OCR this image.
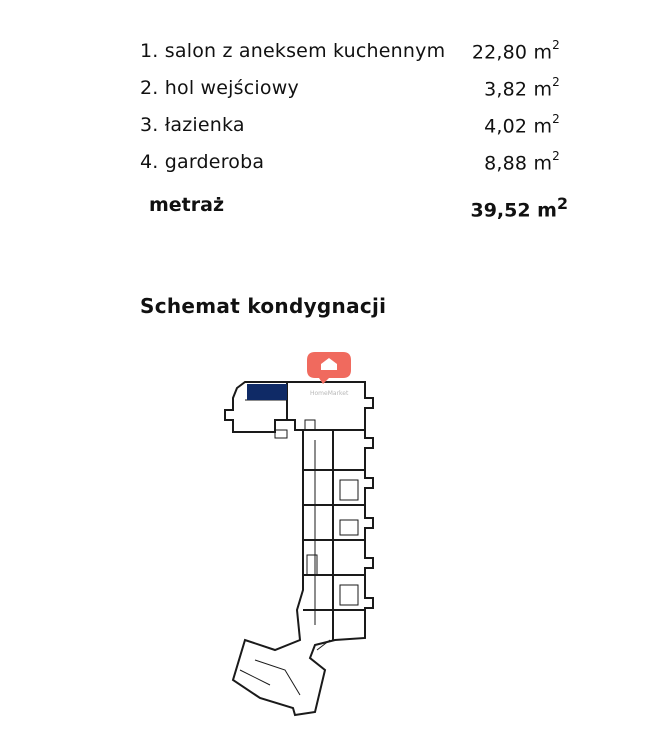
1. salon z aneksem kuchennym 22,80 $m^2$
2. hol wejściowy	3,82 $m^2$
3. łazienka	4,02 $m^2$
4. garderoba	8,88 $m^2$
metraż	39,52 $m^2$
Schemat kondygnacji
HomeMarket
